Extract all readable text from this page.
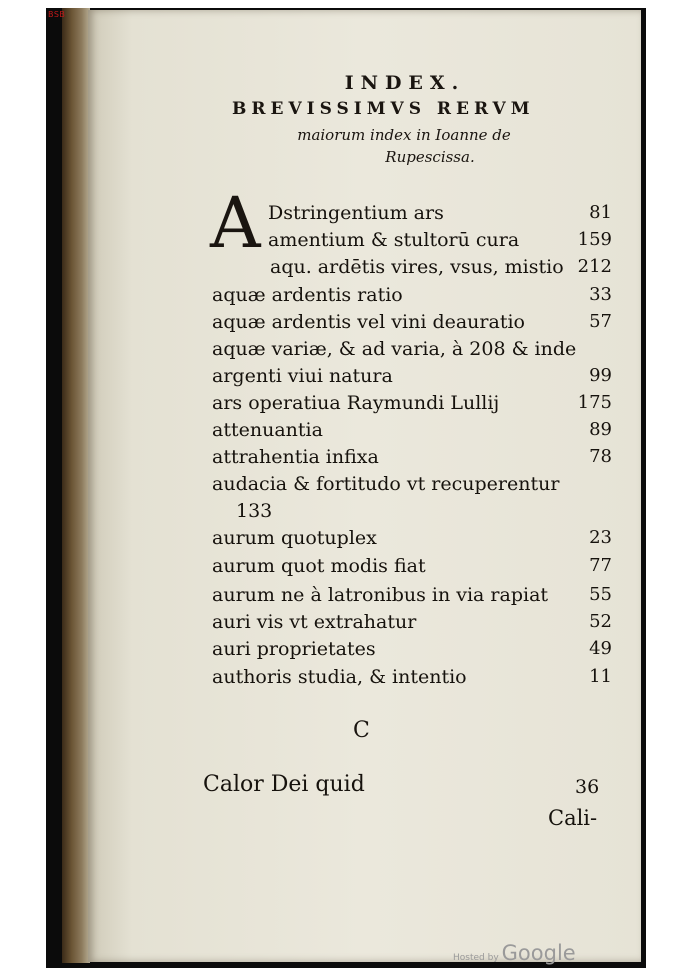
BSB
INDEX.
BREVISSIMVS RERVM
maiorum index in Ioanne de
Rupescissa.
A Dstringentium ars	81
amentium & stultorū cura	159
aqu. ardētis vires, vsus, mistio 212
aquæ ardentis ratio	33
aquæ ardentis vel vini deauratio	57
aquæ variæ, & ad varia, à 208 & inde
argenti viui natura	99
ars operatiua Raymundi Lullij	175
attenuantia	89
attrahentia infixa	78
audacia & fortitudo vt recuperentur
133
aurum quotuplex	23
aurum quot modis fiat	77
aurum ne à latronibus in via rapiat 55
auri vis vt extrahatur	52
auri proprietates	49
authoris studia, & intentio	11
C
Calor Dei quid	36
Cali-
Hosted by Google
